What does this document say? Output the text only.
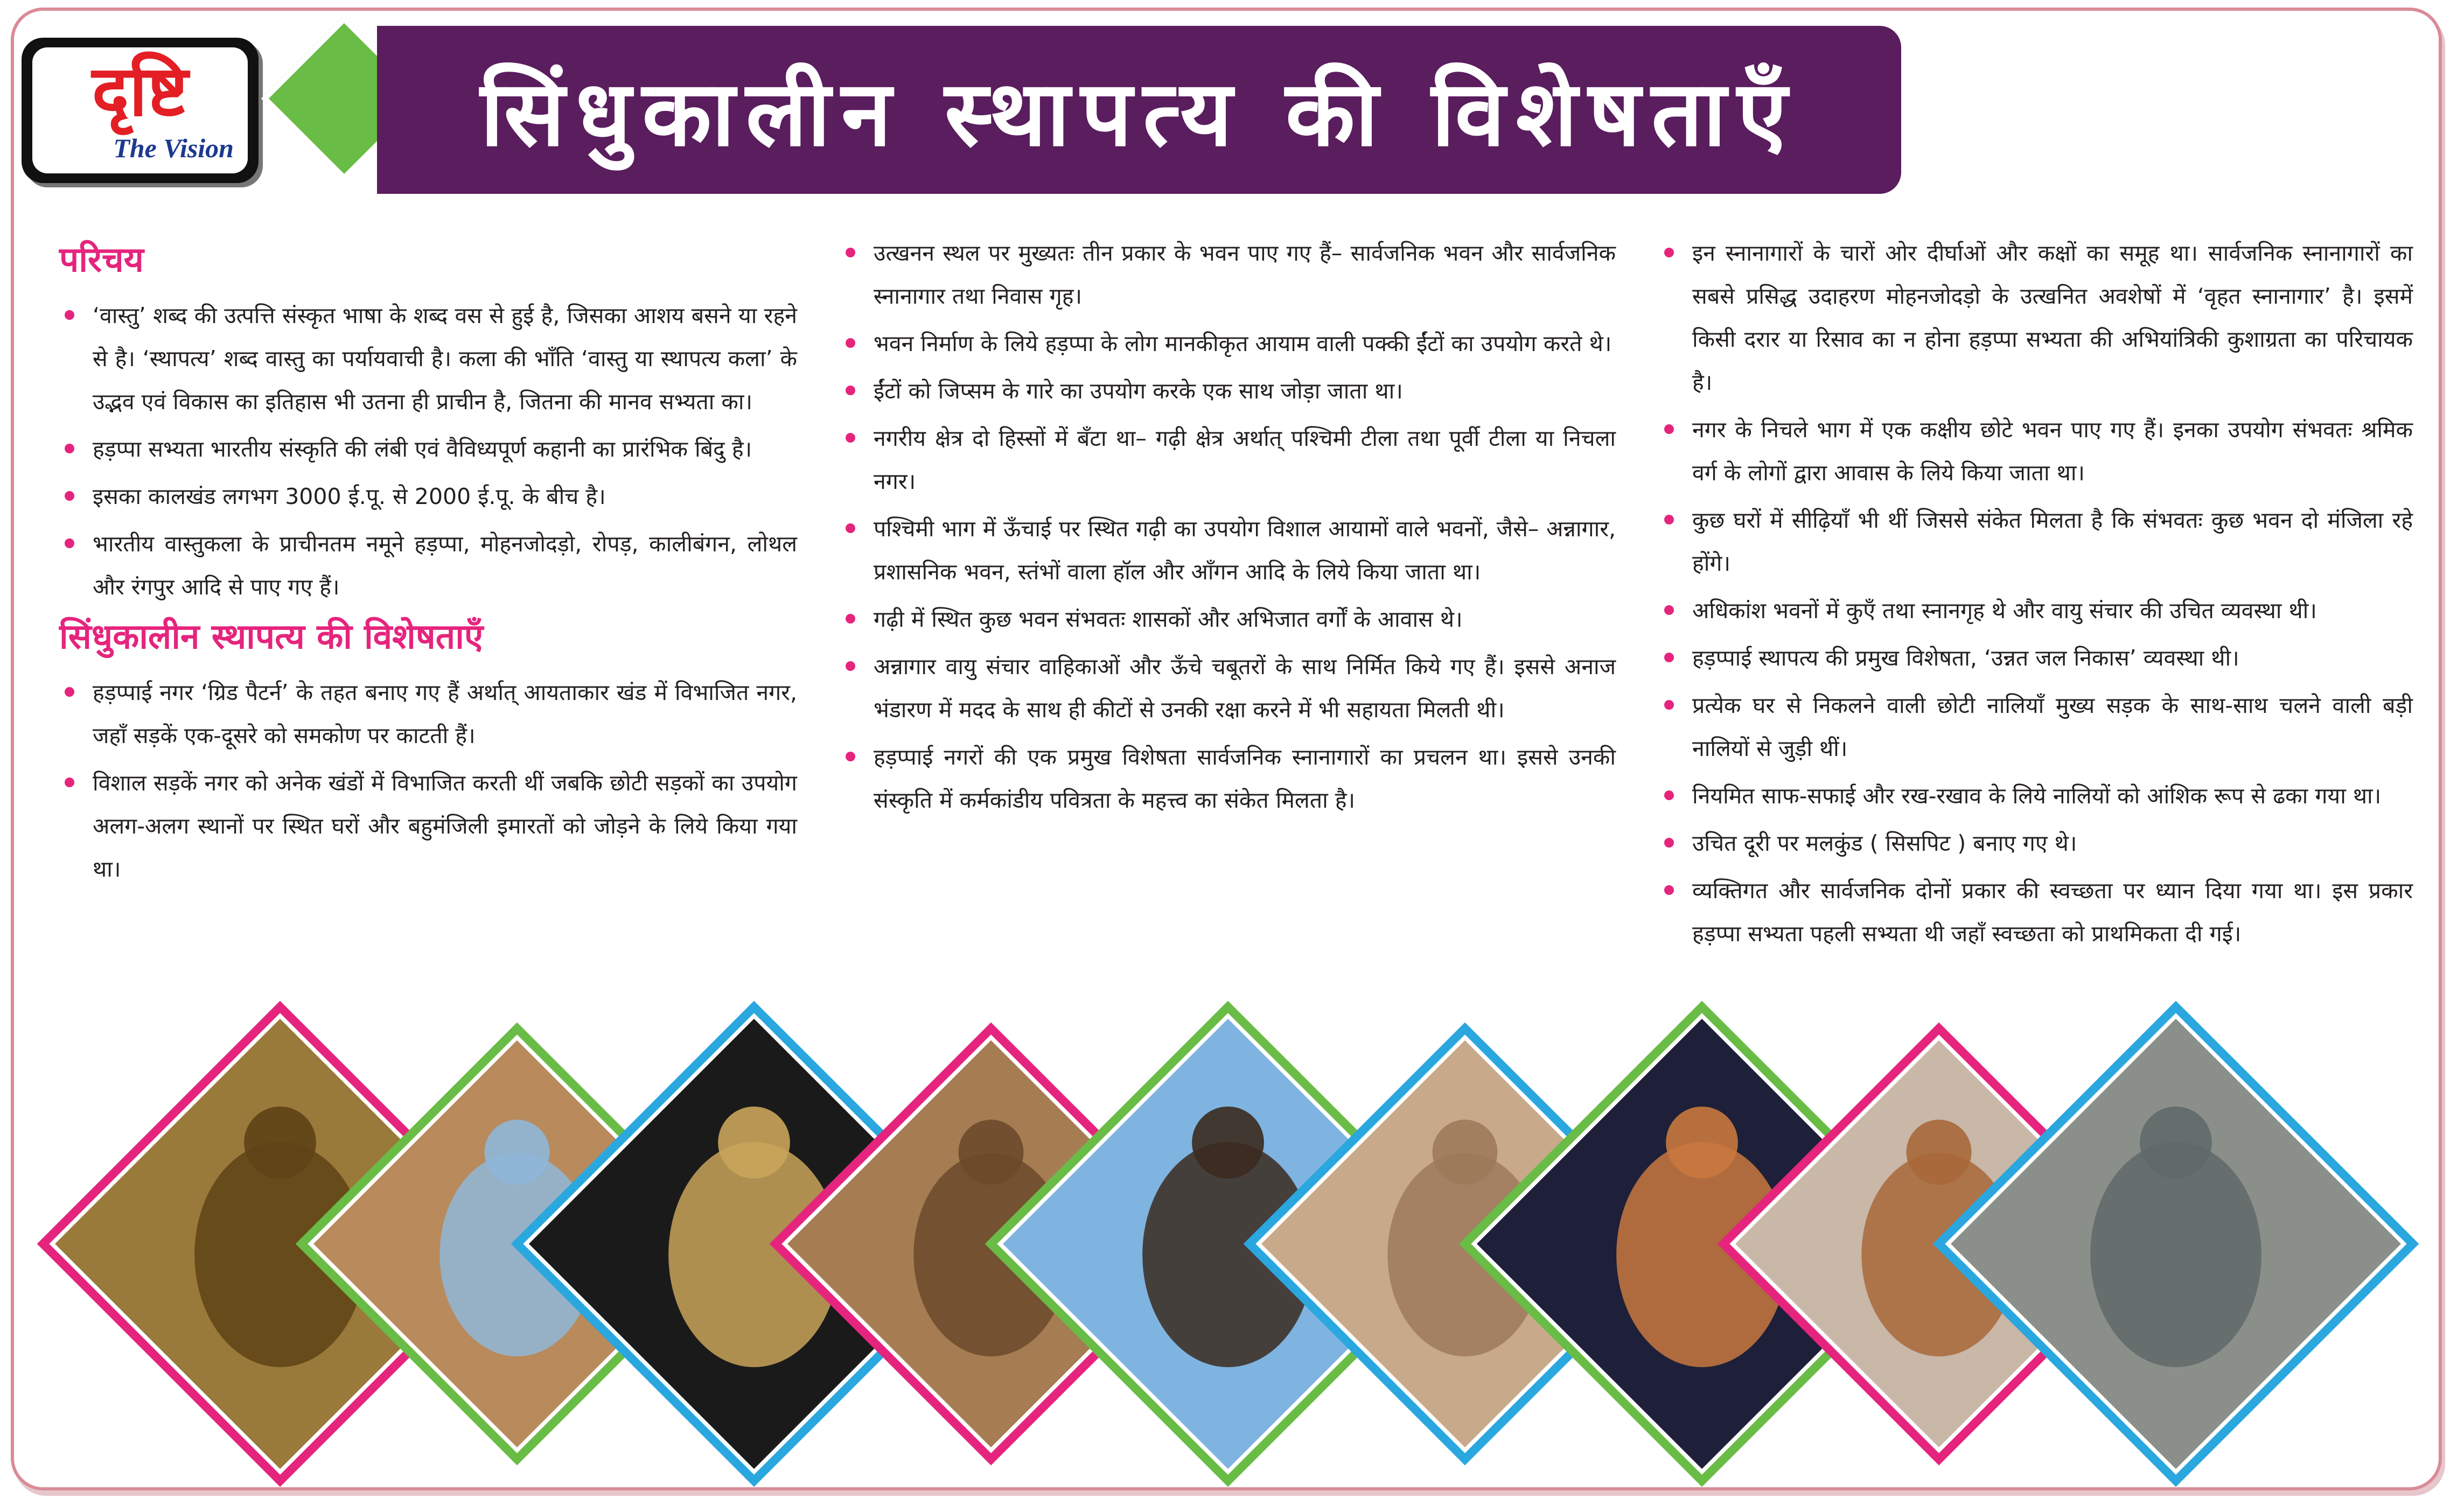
दृष्टि
The Vision	सिंधुकालीन स्थापत्य की विशेषताएँ
परिचय
‘वास्तु’ शब्द की उत्पत्ति संस्कृत भाषा के शब्द वस से हुई है, जिसका आशय बसने या रहने से है। ‘स्थापत्य’ शब्द वास्तु का पर्यायवाची है। कला की भाँति ‘वास्तु या स्थापत्य कला’ के उद्भव एवं विकास का इतिहास भी उतना ही प्राचीन है, जितना की मानव सभ्यता का।
हड़प्पा सभ्यता भारतीय संस्कृति की लंबी एवं वैविध्यपूर्ण कहानी का प्रारंभिक बिंदु है।
इसका कालखंड लगभग 3000 ई.पू. से 2000 ई.पू. के बीच है।
भारतीय वास्तुकला के प्राचीनतम नमूने हड़प्पा, मोहनजोदड़ो, रोपड़, कालीबंगन, लोथल और रंगपुर आदि से पाए गए हैं।
सिंधुकालीन स्थापत्य की विशेषताएँ
हड़प्पाई नगर ‘ग्रिड पैटर्न’ के तहत बनाए गए हैं अर्थात् आयताकार खंड में विभाजित नगर, जहाँ सड़कें एक-दूसरे को समकोण पर काटती हैं।
विशाल सड़कें नगर को अनेक खंडों में विभाजित करती थीं जबकि छोटी सड़कों का उपयोग अलग-अलग स्थानों पर स्थित घरों और बहुमंजिली इमारतों को जोड़ने के लिये किया गया था।
उत्खनन स्थल पर मुख्यतः तीन प्रकार के भवन पाए गए हैं– सार्वजनिक भवन और सार्वजनिक स्नानागार तथा निवास गृह।
भवन निर्माण के लिये हड़प्पा के लोग मानकीकृत आयाम वाली पक्की ईंटों का उपयोग करते थे।
ईंटों को जिप्सम के गारे का उपयोग करके एक साथ जोड़ा जाता था।
नगरीय क्षेत्र दो हिस्सों में बँटा था– गढ़ी क्षेत्र अर्थात् पश्चिमी टीला तथा पूर्वी टीला या निचला नगर।
पश्चिमी भाग में ऊँचाई पर स्थित गढ़ी का उपयोग विशाल आयामों वाले भवनों, जैसे– अन्नागार, प्रशासनिक भवन, स्तंभों वाला हॉल और आँगन आदि के लिये किया जाता था।
गढ़ी में स्थित कुछ भवन संभवतः शासकों और अभिजात वर्गों के आवास थे।
अन्नागार वायु संचार वाहिकाओं और ऊँचे चबूतरों के साथ निर्मित किये गए हैं। इससे अनाज भंडारण में मदद के साथ ही कीटों से उनकी रक्षा करने में भी सहायता मिलती थी।
हड़प्पाई नगरों की एक प्रमुख विशेषता सार्वजनिक स्नानागारों का प्रचलन था। इससे उनकी संस्कृति में कर्मकांडीय पवित्रता के महत्त्व का संकेत मिलता है।
इन स्नानागारों के चारों ओर दीर्घाओं और कक्षों का समूह था। सार्वजनिक स्नानागारों का सबसे प्रसिद्ध उदाहरण मोहनजोदड़ो के उत्खनित अवशेषों में ‘वृहत स्नानागार’ है। इसमें किसी दरार या रिसाव का न होना हड़प्पा सभ्यता की अभियांत्रिकी कुशाग्रता का परिचायक है।
नगर के निचले भाग में एक कक्षीय छोटे भवन पाए गए हैं। इनका उपयोग संभवतः श्रमिक वर्ग के लोगों द्वारा आवास के लिये किया जाता था।
कुछ घरों में सीढ़ियाँ भी थीं जिससे संकेत मिलता है कि संभवतः कुछ भवन दो मंजिला रहे होंगे।
अधिकांश भवनों में कुएँ तथा स्नानगृह थे और वायु संचार की उचित व्यवस्था थी।
हड़प्पाई स्थापत्य की प्रमुख विशेषता, ‘उन्नत जल निकास’ व्यवस्था थी।
प्रत्येक घर से निकलने वाली छोटी नालियाँ मुख्य सड़क के साथ-साथ चलने वाली बड़ी नालियों से जुड़ी थीं।
नियमित साफ-सफाई और रख-रखाव के लिये नालियों को आंशिक रूप से ढका गया था।
उचित दूरी पर मलकुंड ( सिसपिट ) बनाए गए थे।
व्यक्तिगत और सार्वजनिक दोनों प्रकार की स्वच्छता पर ध्यान दिया गया था। इस प्रकार हड़प्पा सभ्यता पहली सभ्यता थी जहाँ स्वच्छता को प्राथमिकता दी गई।
